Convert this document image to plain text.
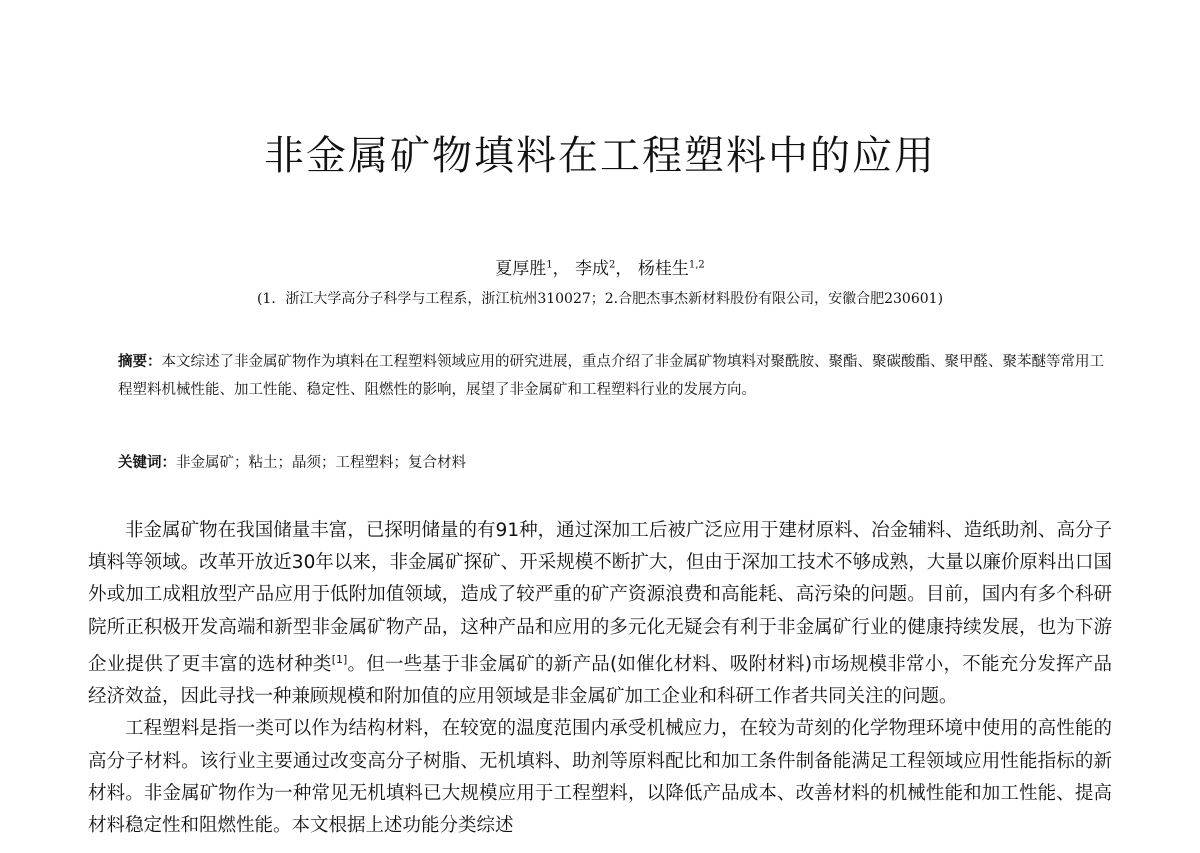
非金属矿物填料在工程塑料中的应用
夏厚胜$^1$， 李成$^2$， 杨桂生$^{1,2}$
(1．浙江大学高分子科学与工程系，浙江杭州310027；2.合肥杰事杰新材料股份有限公司，安徽合肥230601)
摘要：本文综述了非金属矿物作为填料在工程塑料领域应用的研究进展，重点介绍了非金属矿物填料对聚酰胺、聚酯、聚碳酸酯、聚甲醛、聚苯醚等常用工程塑料机械性能、加工性能、稳定性、阻燃性的影响，展望了非金属矿和工程塑料行业的发展方向。
关键词：非金属矿；粘土；晶须；工程塑料；复合材料

非金属矿物在我国储量丰富，已探明储量的有91种，通过深加工后被广泛应用于建材原料、冶金辅料、造纸助剂、高分子填料等领域。改革开放近30年以来，非金属矿探矿、开采规模不断扩大，但由于深加工技术不够成熟，大量以廉价原料出口国外或加工成粗放型产品应用于低附加值领域，造成了较严重的矿产资源浪费和高能耗、高污染的问题。目前，国内有多个科研院所正积极开发高端和新型非金属矿物产品，这种产品和应用的多元化无疑会有利于非金属矿行业的健康持续发展，也为下游企业提供了更丰富的选材种类[1]。但一些基于非金属矿的新产品(如催化材料、吸附材料)市场规模非常小，不能充分发挥产品经济效益，因此寻找一种兼顾规模和附加值的应用领域是非金属矿加工企业和科研工作者共同关注的问题。

工程塑料是指一类可以作为结构材料，在较宽的温度范围内承受机械应力，在较为苛刻的化学物理环境中使用的高性能的高分子材料。该行业主要通过改变高分子树脂、无机填料、助剂等原料配比和加工条件制备能满足工程领域应用性能指标的新材料。非金属矿物作为一种常见无机填料已大规模应用于工程塑料，以降低产品成本、改善材料的机械性能和加工性能、提高材料稳定性和阻燃性能。本文根据上述功能分类综述
